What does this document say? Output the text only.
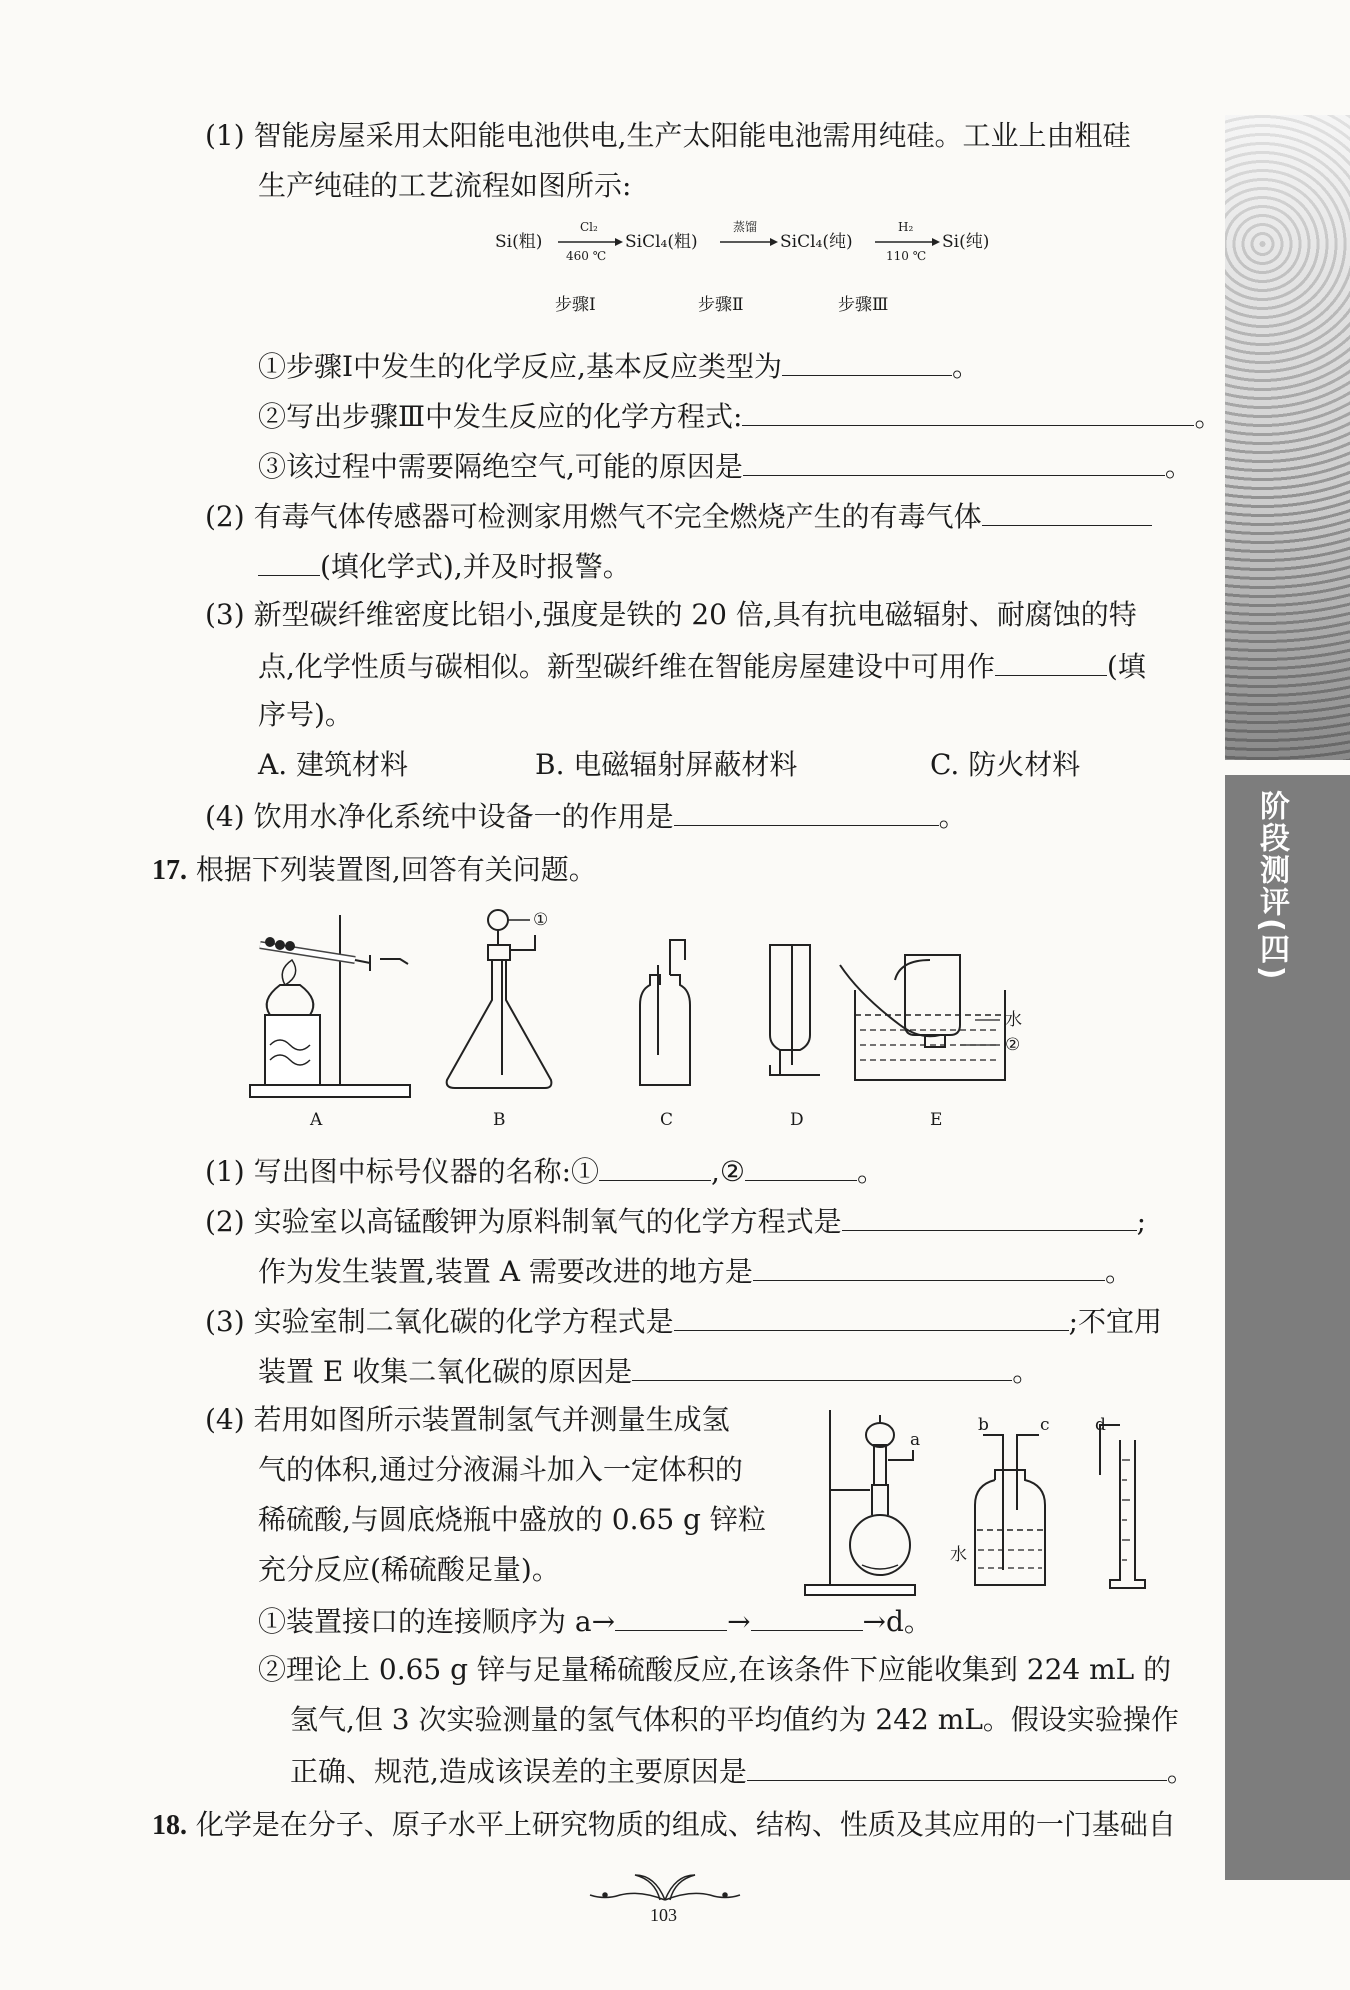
阶段测评(四)
(1) 智能房屋采用太阳能电池供电,生产太阳能电池需用纯硅。工业上由粗硅
生产纯硅的工艺流程如图所示:
Si(粗)
Cl₂
460 ℃
SiCl₄(粗)
蒸馏
SiCl₄(纯)
H₂
110 ℃
Si(纯)
步骤Ⅰ	步骤Ⅱ	步骤Ⅲ
①步骤Ⅰ中发生的化学反应,基本反应类型为	。
②写出步骤Ⅲ中发生反应的化学方程式:	。
③该过程中需要隔绝空气,可能的原因是	。
(2) 有毒气体传感器可检测家用燃气不完全燃烧产生的有毒气体
(填化学式),并及时报警。
(3) 新型碳纤维密度比铝小,强度是铁的 20 倍,具有抗电磁辐射、耐腐蚀的特
点,化学性质与碳相似。新型碳纤维在智能房屋建设中可用作	(填
序号)。
A. 建筑材料	B. 电磁辐射屏蔽材料	C. 防火材料
(4) 饮用水净化系统中设备一的作用是	。
17. 根据下列装置图,回答有关问题。
①
水
②
A	B	C	D	E
(1) 写出图中标号仪器的名称:①	,②	。
(2) 实验室以高锰酸钾为原料制氧气的化学方程式是	;
作为发生装置,装置 A 需要改进的地方是	。
(3) 实验室制二氧化碳的化学方程式是	;不宜用
装置 E 收集二氧化碳的原因是	。
(4) 若用如图所示装置制氢气并测量生成氢
气的体积,通过分液漏斗加入一定体积的
稀硫酸,与圆底烧瓶中盛放的 0.65 g 锌粒
充分反应(稀硫酸足量)。
a
b	c	d
水
①装置接口的连接顺序为 a→	→	→d。
②理论上 0.65 g 锌与足量稀硫酸反应,在该条件下应能收集到 224 mL 的
氢气,但 3 次实验测量的氢气体积的平均值约为 242 mL。假设实验操作
正确、规范,造成该误差的主要原因是	。
18. 化学是在分子、原子水平上研究物质的组成、结构、性质及其应用的一门基础自
103
